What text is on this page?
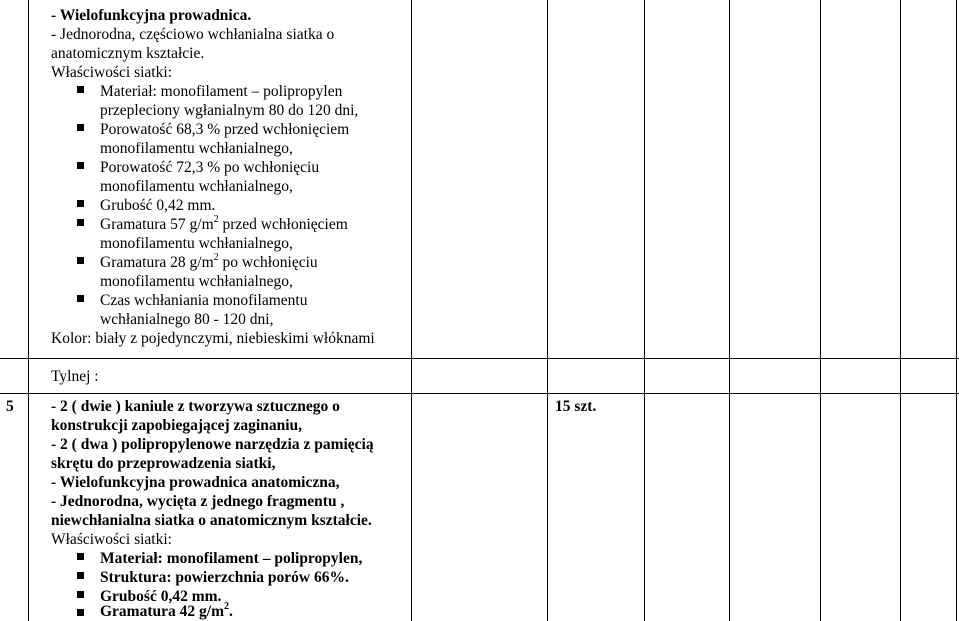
- Wielofunkcyjna prowadnica.
- Jednorodna, częściowo wchłanialna siatka o
anatomicznym kształcie.
Właściwości siatki:
Materiał: monofilament – polipropylen
przepleciony wgłanialnym 80 do 120 dni,
Porowatość 68,3 % przed wchłonięciem
monofilamentu wchłanialnego,
Porowatość 72,3 % po wchłonięciu
monofilamentu wchłanialnego,
Grubość 0,42 mm.
Gramatura 57 $g/m^2$ przed wchłonięciem
monofilamentu wchłanialnego,
Gramatura 28 $g/m^2$ po wchłonięciu
monofilamentu wchłanialnego,
Czas wchłaniania monofilamentu
wchłanialnego 80 - 120 dni,
Kolor: biały z pojedynczymi, niebieskimi włóknami
Tylnej :
5	15 szt.
- 2 ( dwie ) kaniule z tworzywa sztucznego o
konstrukcji zapobiegającej zaginaniu,
- 2 ( dwa ) polipropylenowe narzędzia z pamięcią
skrętu do przeprowadzenia siatki,
- Wielofunkcyjna prowadnica anatomiczna,
- Jednorodna, wycięta z jednego fragmentu ,
niewchłanialna siatka o anatomicznym kształcie.
Właściwości siatki:
Materiał: monofilament – polipropylen,
Struktura: powierzchnia porów 66%.
Grubość 0,42 mm.
Gramatura 42 $g/m^2$.
